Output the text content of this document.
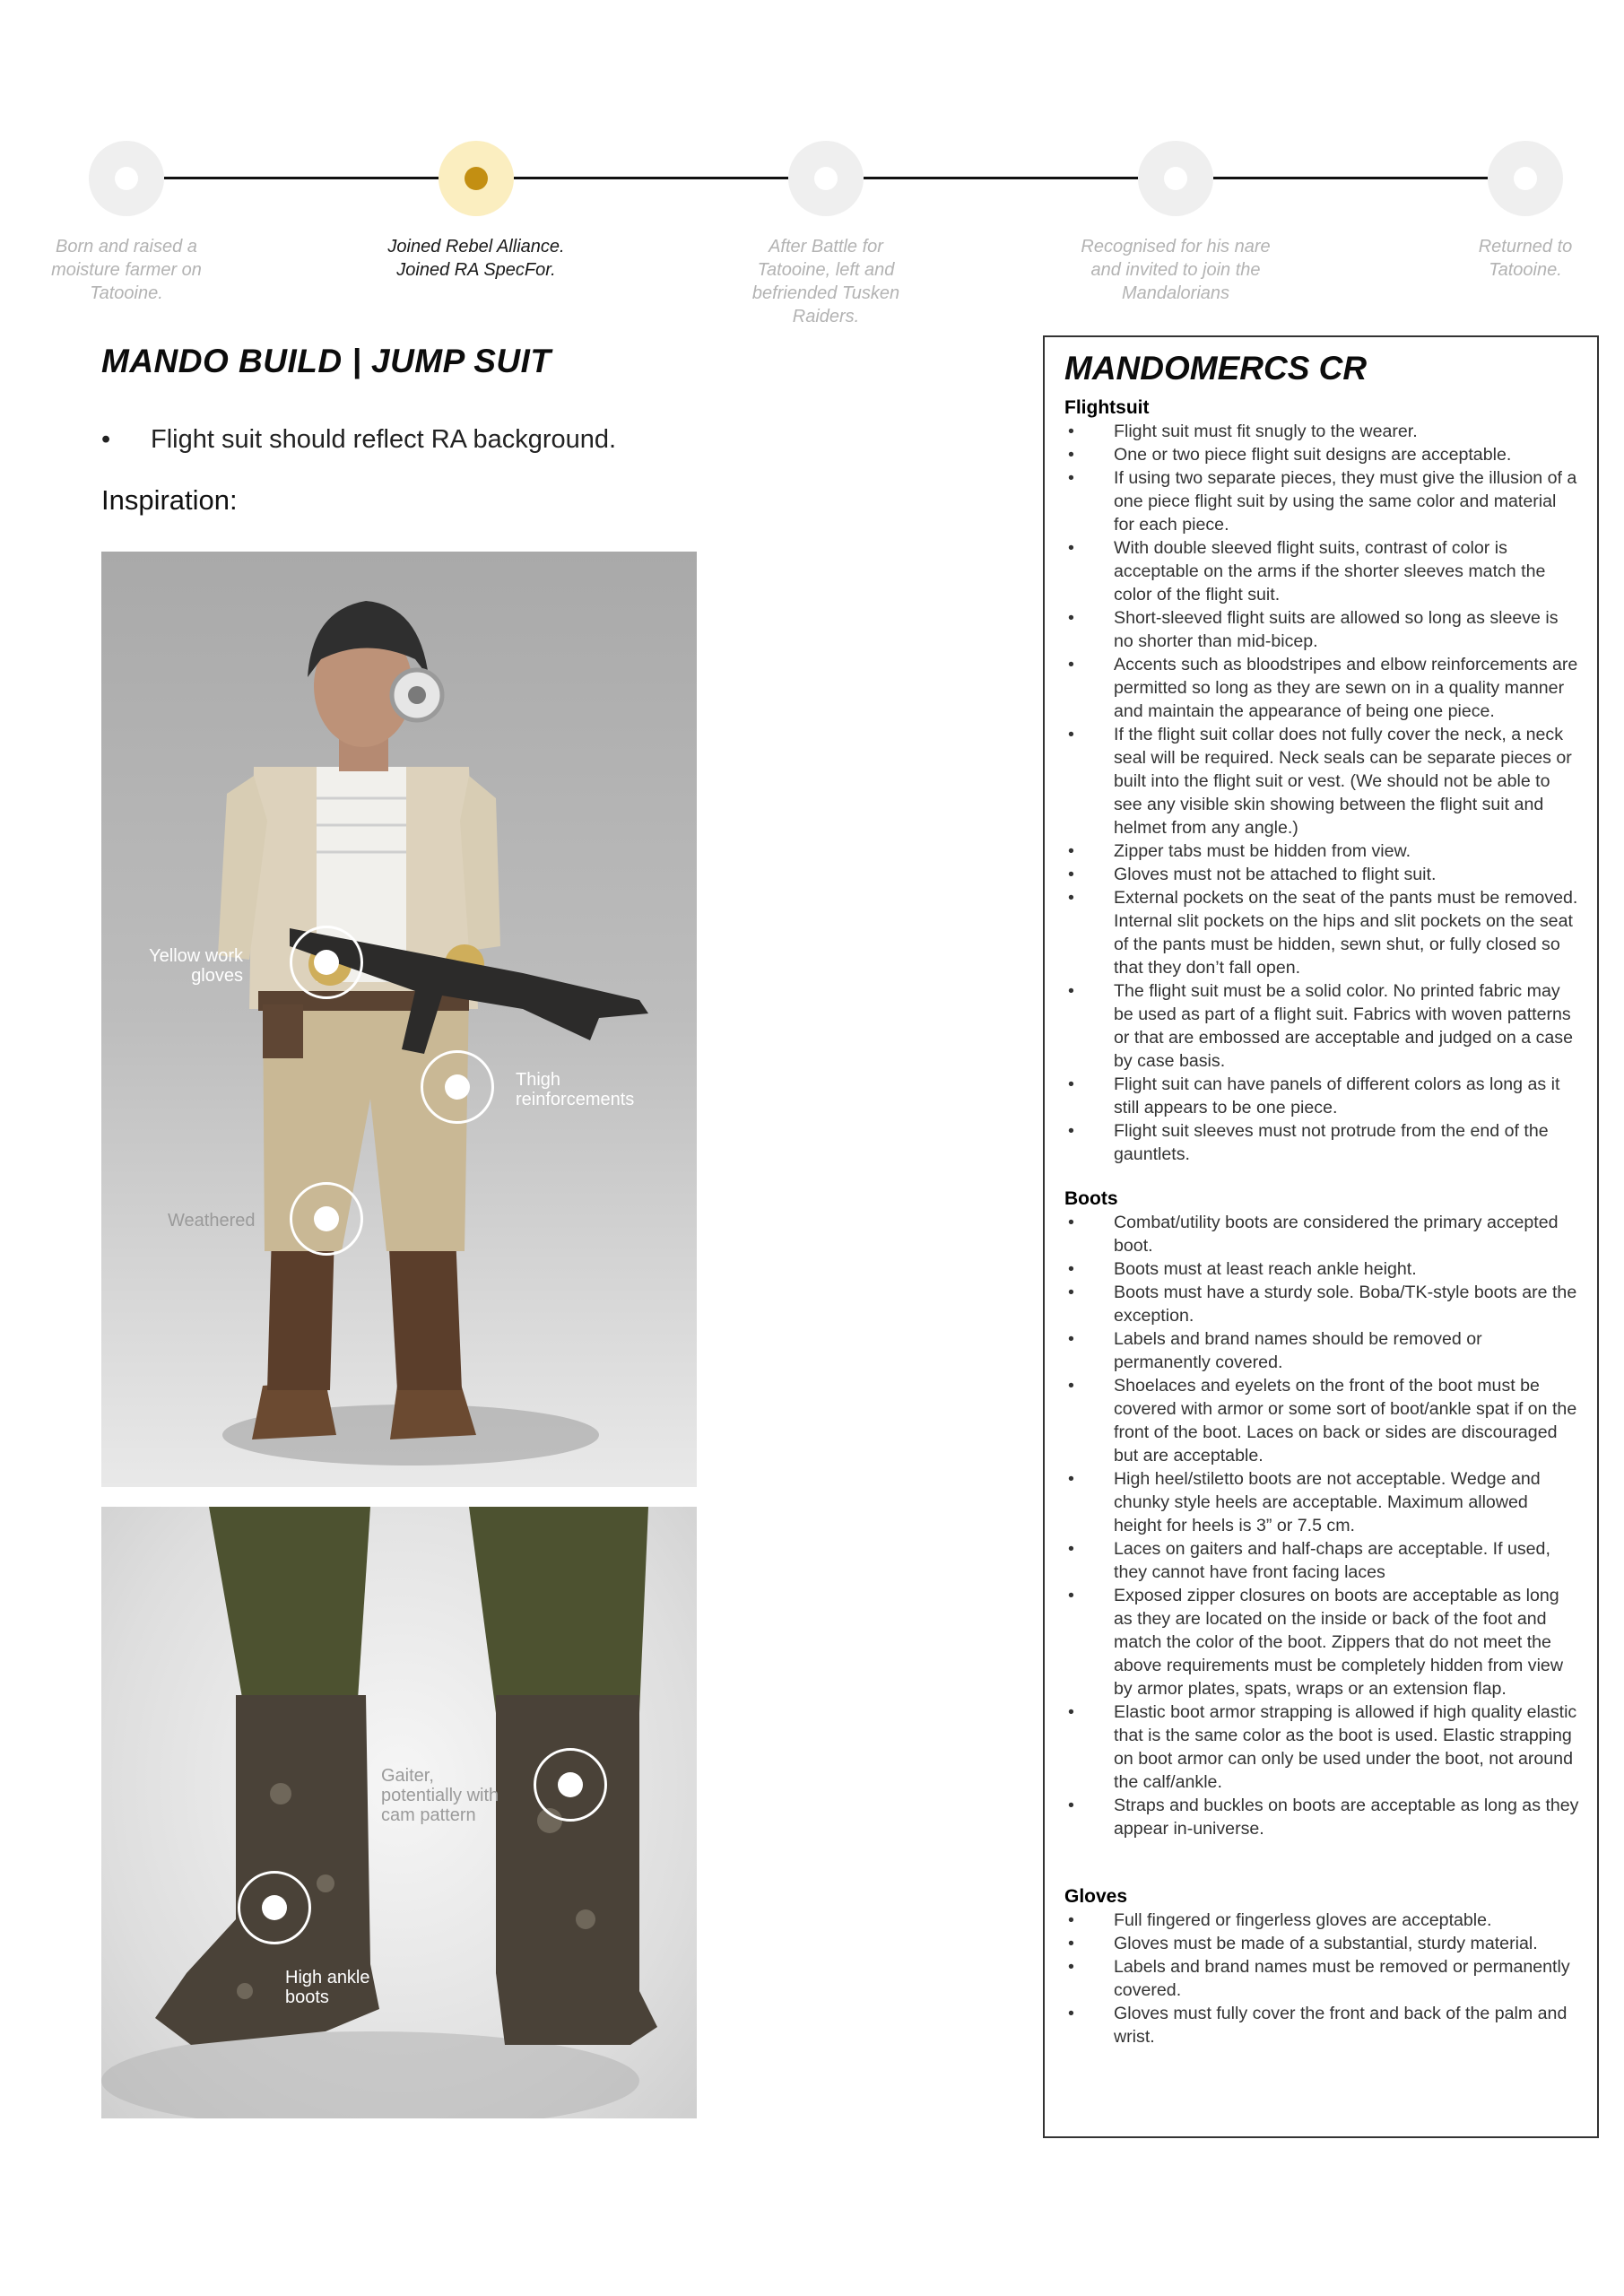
Born and raised a moisture farmer on Tatooine.
Joined Rebel Alliance. Joined RA SpecFor.
After Battle for Tatooine, left and befriended Tusken Raiders.
Recognised for his nare and invited to join the Mandalorians
Returned to Tatooine.
MANDO BUILD | JUMP SUIT
• Flight suit should reflect RA background.
Inspiration:
Yellow work
gloves
Thigh
reinforcements
Weathered
Gaiter,
potentially with
cam pattern
High ankle
boots
MANDOMERCS CR
Flightsuit
• Flight suit must fit snugly to the wearer.
• One or two piece flight suit designs are acceptable.
• If using two separate pieces, they must give the illusion of a one piece flight suit by using the same color and material for each piece.
• With double sleeved flight suits, contrast of color is acceptable on the arms if the shorter sleeves match the color of the flight suit.
• Short-sleeved flight suits are allowed so long as sleeve is no shorter than mid-bicep.
• Accents such as bloodstripes and elbow reinforcements are permitted so long as they are sewn on in a quality manner and maintain the appearance of being one piece.
• If the flight suit collar does not fully cover the neck, a neck seal will be required. Neck seals can be separate pieces or built into the flight suit or vest. (We should not be able to see any visible skin showing between the flight suit and helmet from any angle.)
• Zipper tabs must be hidden from view.
• Gloves must not be attached to flight suit.
• External pockets on the seat of the pants must be removed. Internal slit pockets on the hips and slit pockets on the seat of the pants must be hidden, sewn shut, or fully closed so that they don’t fall open.
• The flight suit must be a solid color. No printed fabric may be used as part of a flight suit. Fabrics with woven patterns or that are embossed are acceptable and judged on a case by case basis.
• Flight suit can have panels of different colors as long as it still appears to be one piece.
• Flight suit sleeves must not protrude from the end of the gauntlets.
Boots
• Combat/utility boots are considered the primary accepted boot.
• Boots must at least reach ankle height.
• Boots must have a sturdy sole. Boba/TK-style boots are the exception.
• Labels and brand names should be removed or permanently covered.
• Shoelaces and eyelets on the front of the boot must be covered with armor or some sort of boot/ankle spat if on the front of the boot. Laces on back or sides are discouraged but are acceptable.
• High heel/stiletto boots are not acceptable. Wedge and chunky style heels are acceptable. Maximum allowed height for heels is 3” or 7.5 cm.
• Laces on gaiters and half-chaps are acceptable. If used, they cannot have front facing laces
• Exposed zipper closures on boots are acceptable as long as they are located on the inside or back of the foot and match the color of the boot. Zippers that do not meet the above requirements must be completely hidden from view by armor plates, spats, wraps or an extension flap.
• Elastic boot armor strapping is allowed if high quality elastic that is the same color as the boot is used. Elastic strapping on boot armor can only be used under the boot, not around the calf/ankle.
• Straps and buckles on boots are acceptable as long as they appear in-universe.
Gloves
• Full fingered or fingerless gloves are acceptable.
• Gloves must be made of a substantial, sturdy material.
• Labels and brand names must be removed or permanently covered.
• Gloves must fully cover the front and back of the palm and wrist.
